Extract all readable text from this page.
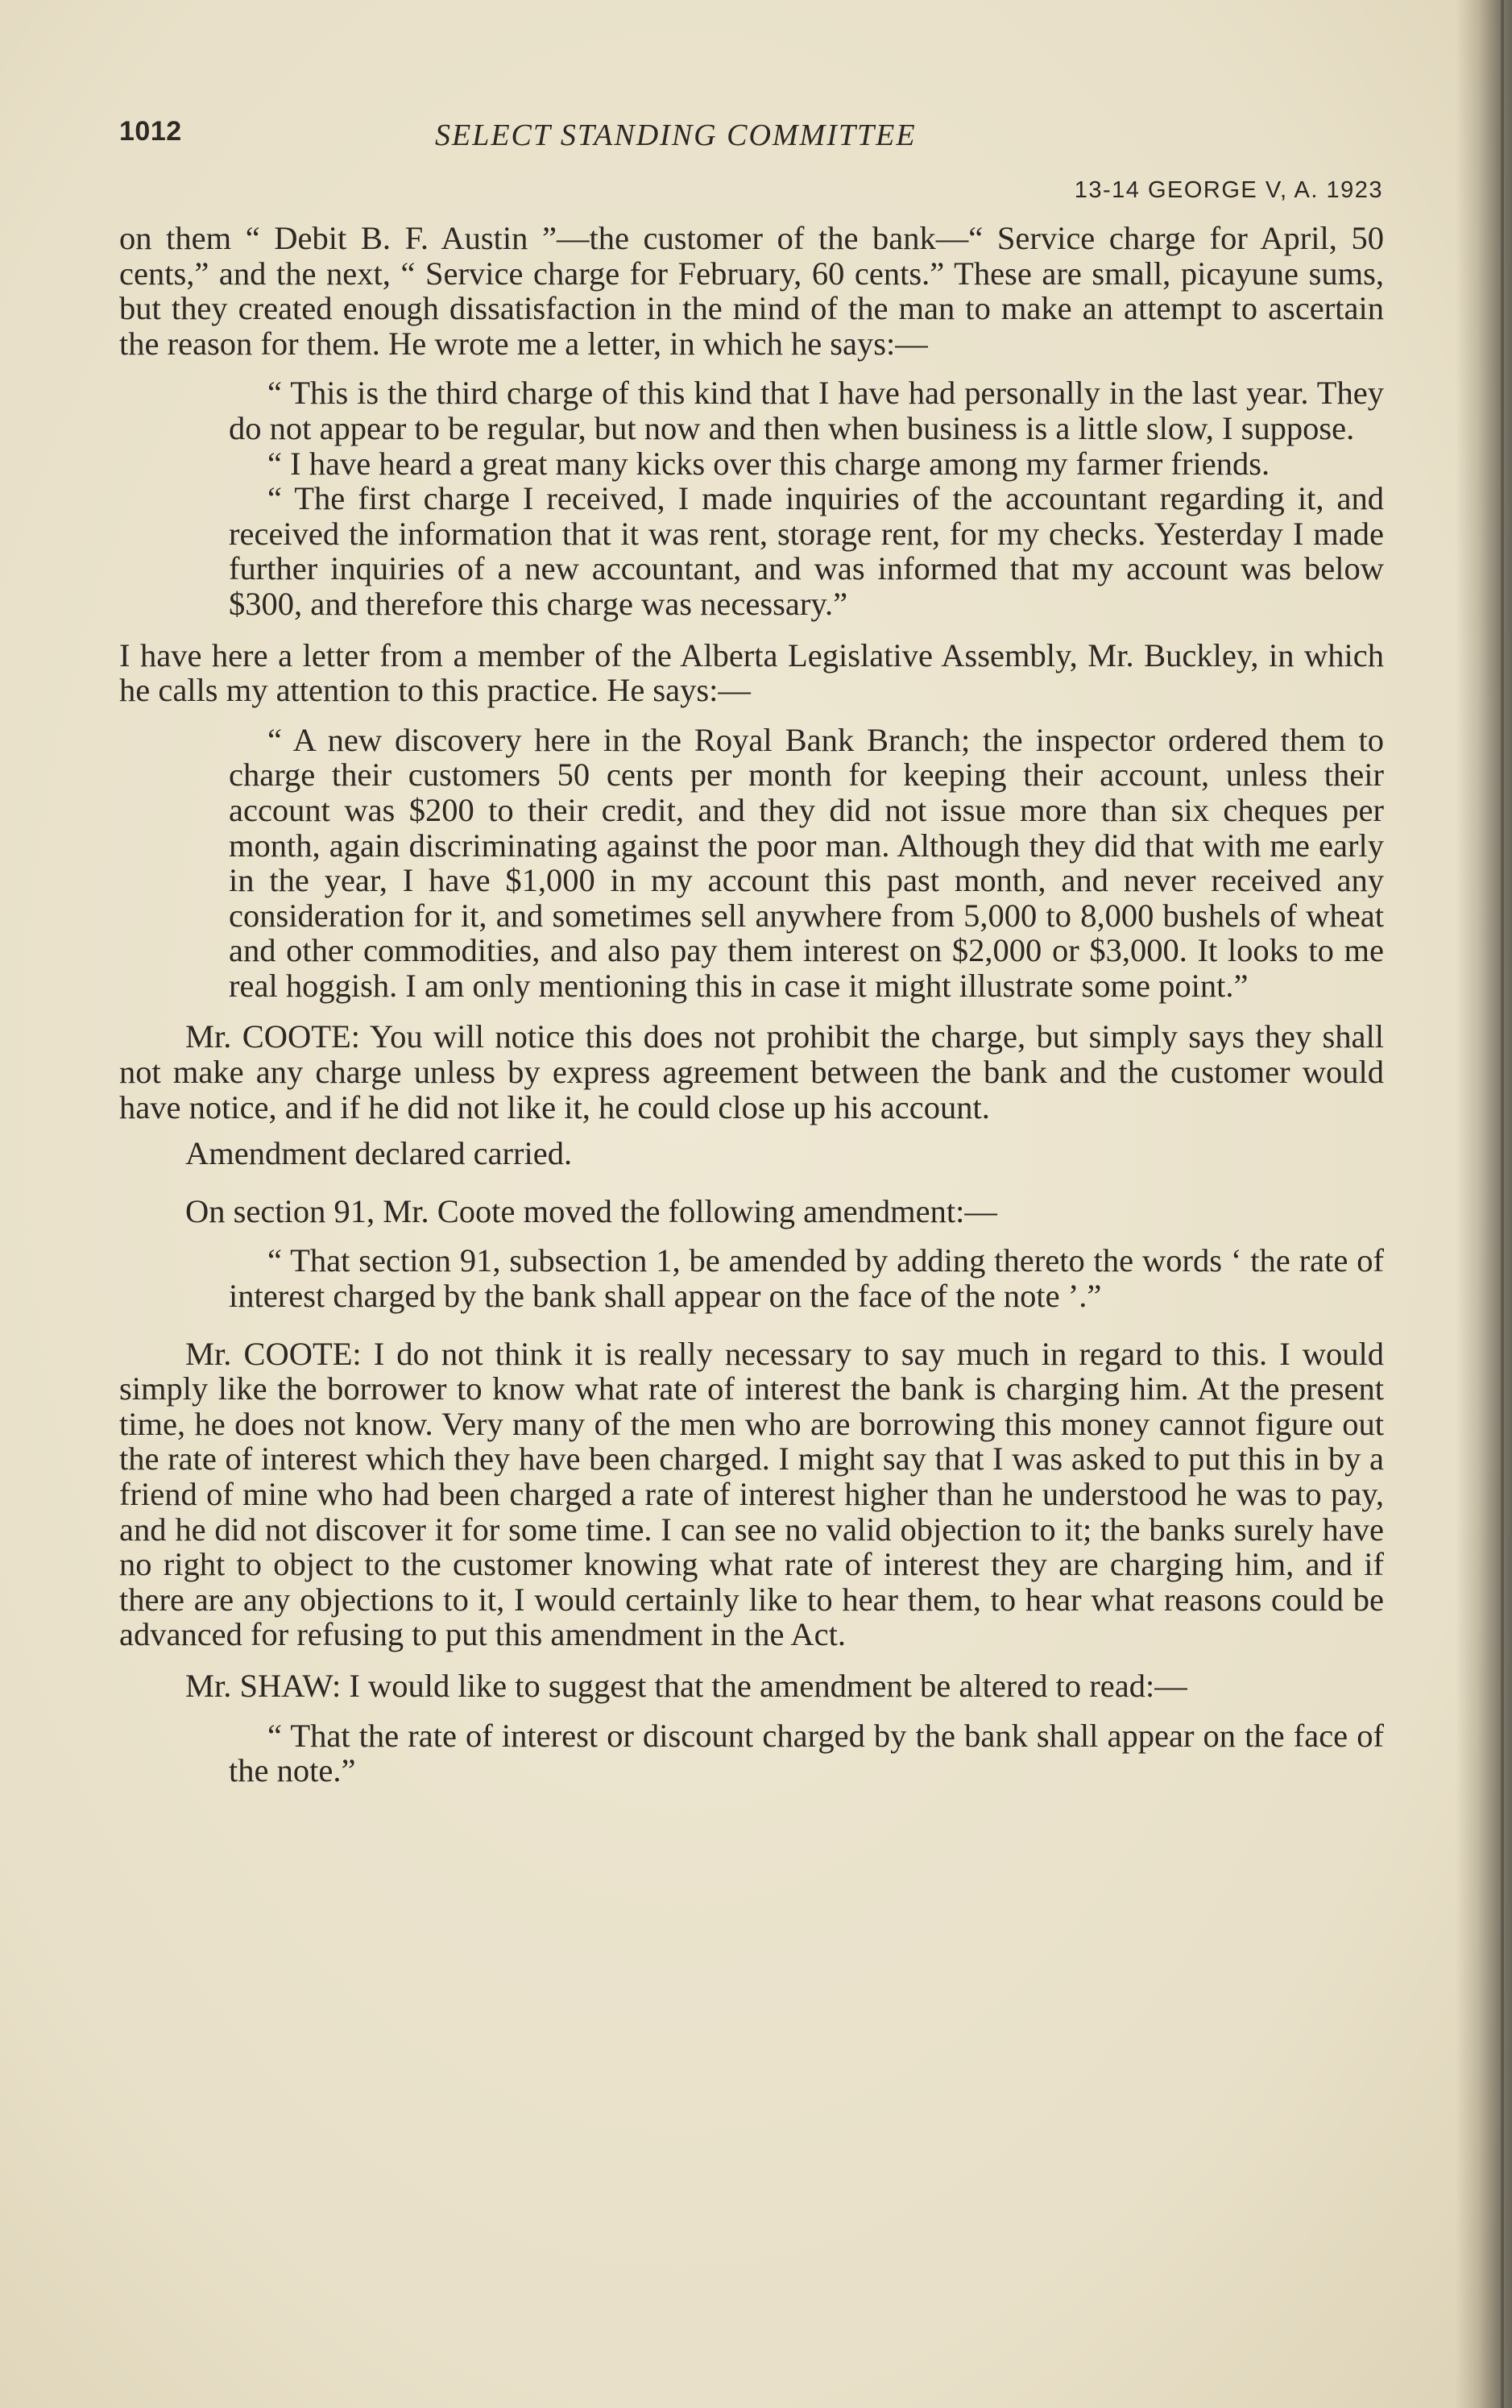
1012	SELECT STANDING COMMITTEE

13-14 GEORGE V, A. 1923

on them “ Debit B. F. Austin ”—the customer of the bank—“ Service charge for April, 50 cents,” and the next, “ Service charge for February, 60 cents.” These are small, picayune sums, but they created enough dissatisfaction in the mind of the man to make an attempt to ascertain the reason for them. He wrote me a letter, in which he says:—

“ This is the third charge of this kind that I have had personally in the last year. They do not appear to be regular, but now and then when business is a little slow, I suppose.

“ I have heard a great many kicks over this charge among my farmer friends.

“ The first charge I received, I made inquiries of the accountant regarding it, and received the information that it was rent, storage rent, for my checks. Yesterday I made further inquiries of a new accountant, and was informed that my account was below $300, and therefore this charge was necessary.”

I have here a letter from a member of the Alberta Legislative Assembly, Mr. Buckley, in which he calls my attention to this practice. He says:—

“ A new discovery here in the Royal Bank Branch; the inspector ordered them to charge their customers 50 cents per month for keeping their account, unless their account was $200 to their credit, and they did not issue more than six cheques per month, again discriminating against the poor man. Although they did that with me early in the year, I have $1,000 in my account this past month, and never received any consideration for it, and sometimes sell anywhere from 5,000 to 8,000 bushels of wheat and other commodities, and also pay them interest on $2,000 or $3,000. It looks to me real hoggish. I am only mentioning this in case it might illustrate some point.”

Mr. COOTE: You will notice this does not prohibit the charge, but simply says they shall not make any charge unless by express agreement between the bank and the customer would have notice, and if he did not like it, he could close up his account.

Amendment declared carried.

On section 91, Mr. Coote moved the following amendment:—

“ That section 91, subsection 1, be amended by adding thereto the words ‘ the rate of interest charged by the bank shall appear on the face of the note ’.”

Mr. COOTE: I do not think it is really necessary to say much in regard to this. I would simply like the borrower to know what rate of interest the bank is charging him. At the present time, he does not know. Very many of the men who are borrowing this money cannot figure out the rate of interest which they have been charged. I might say that I was asked to put this in by a friend of mine who had been charged a rate of interest higher than he understood he was to pay, and he did not discover it for some time. I can see no valid objection to it; the banks surely have no right to object to the customer knowing what rate of interest they are charging him, and if there are any objections to it, I would certainly like to hear them, to hear what reasons could be advanced for refusing to put this amendment in the Act.

Mr. SHAW: I would like to suggest that the amendment be altered to read:—

“ That the rate of interest or discount charged by the bank shall appear on the face of the note.”
